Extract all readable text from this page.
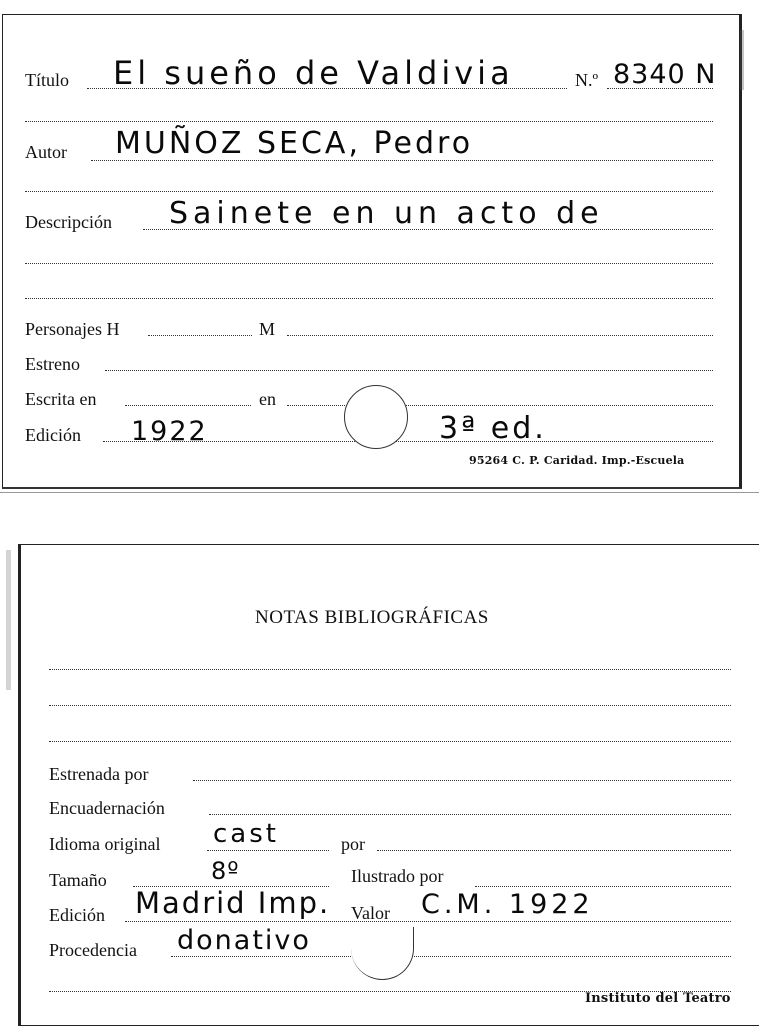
Título El sueño de Valdivia	N.º 8340 N
Autor MUÑOZ SECA, Pedro
Descripción Sainete en un acto de
Personajes H	M
Estreno
Escrita en	en
Edición 1922	3ª ed.
95264 C. P. Caridad. Imp.-Escuela
NOTAS BIBLIOGRÁFICAS
Estrenada por
Encuadernación
Idioma original cast	por
Tamaño	8º	Ilustrado por
Edición Madrid Imp. Valor C.M. 1922
Procedencia donativo
Instituto del Teatro
